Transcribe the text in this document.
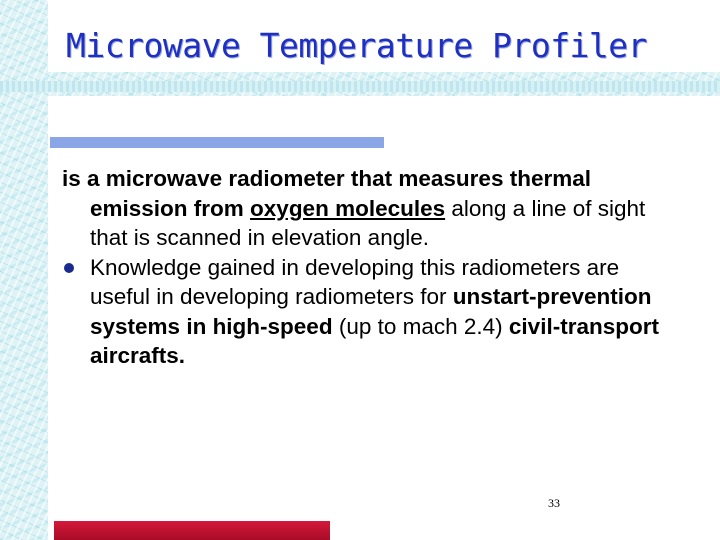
Microwave Temperature Profiler

is a microwave radiometer that measures thermal emission from oxygen molecules along a line of sight that is scanned in elevation angle.

Knowledge gained in developing this radiometers are useful in developing radiometers for unstart-prevention systems in high-speed (up to mach 2.4) civil-transport aircrafts.

33
